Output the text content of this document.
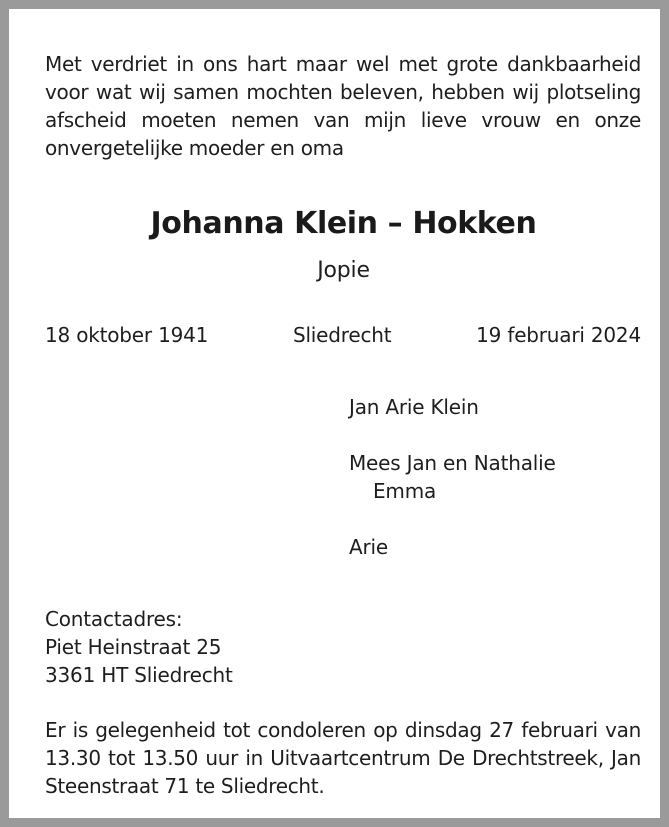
Met verdriet in ons hart maar wel met grote dankbaarheid voor wat wij samen mochten beleven, hebben wij plotseling afscheid moeten nemen van mijn lieve vrouw en onze onvergetelijke moeder en oma
Johanna Klein – Hokken
Jopie
18 oktober 1941	Sliedrecht	19 februari 2024
Jan Arie Klein
Mees Jan en Nathalie
Emma
Arie
Contactadres:
Piet Heinstraat 25
3361 HT Sliedrecht
Er is gelegenheid tot condoleren op dinsdag 27 februari van 13.30 tot 13.50 uur in Uitvaartcentrum De Drechtstreek, Jan Steenstraat 71 te Sliedrecht.
